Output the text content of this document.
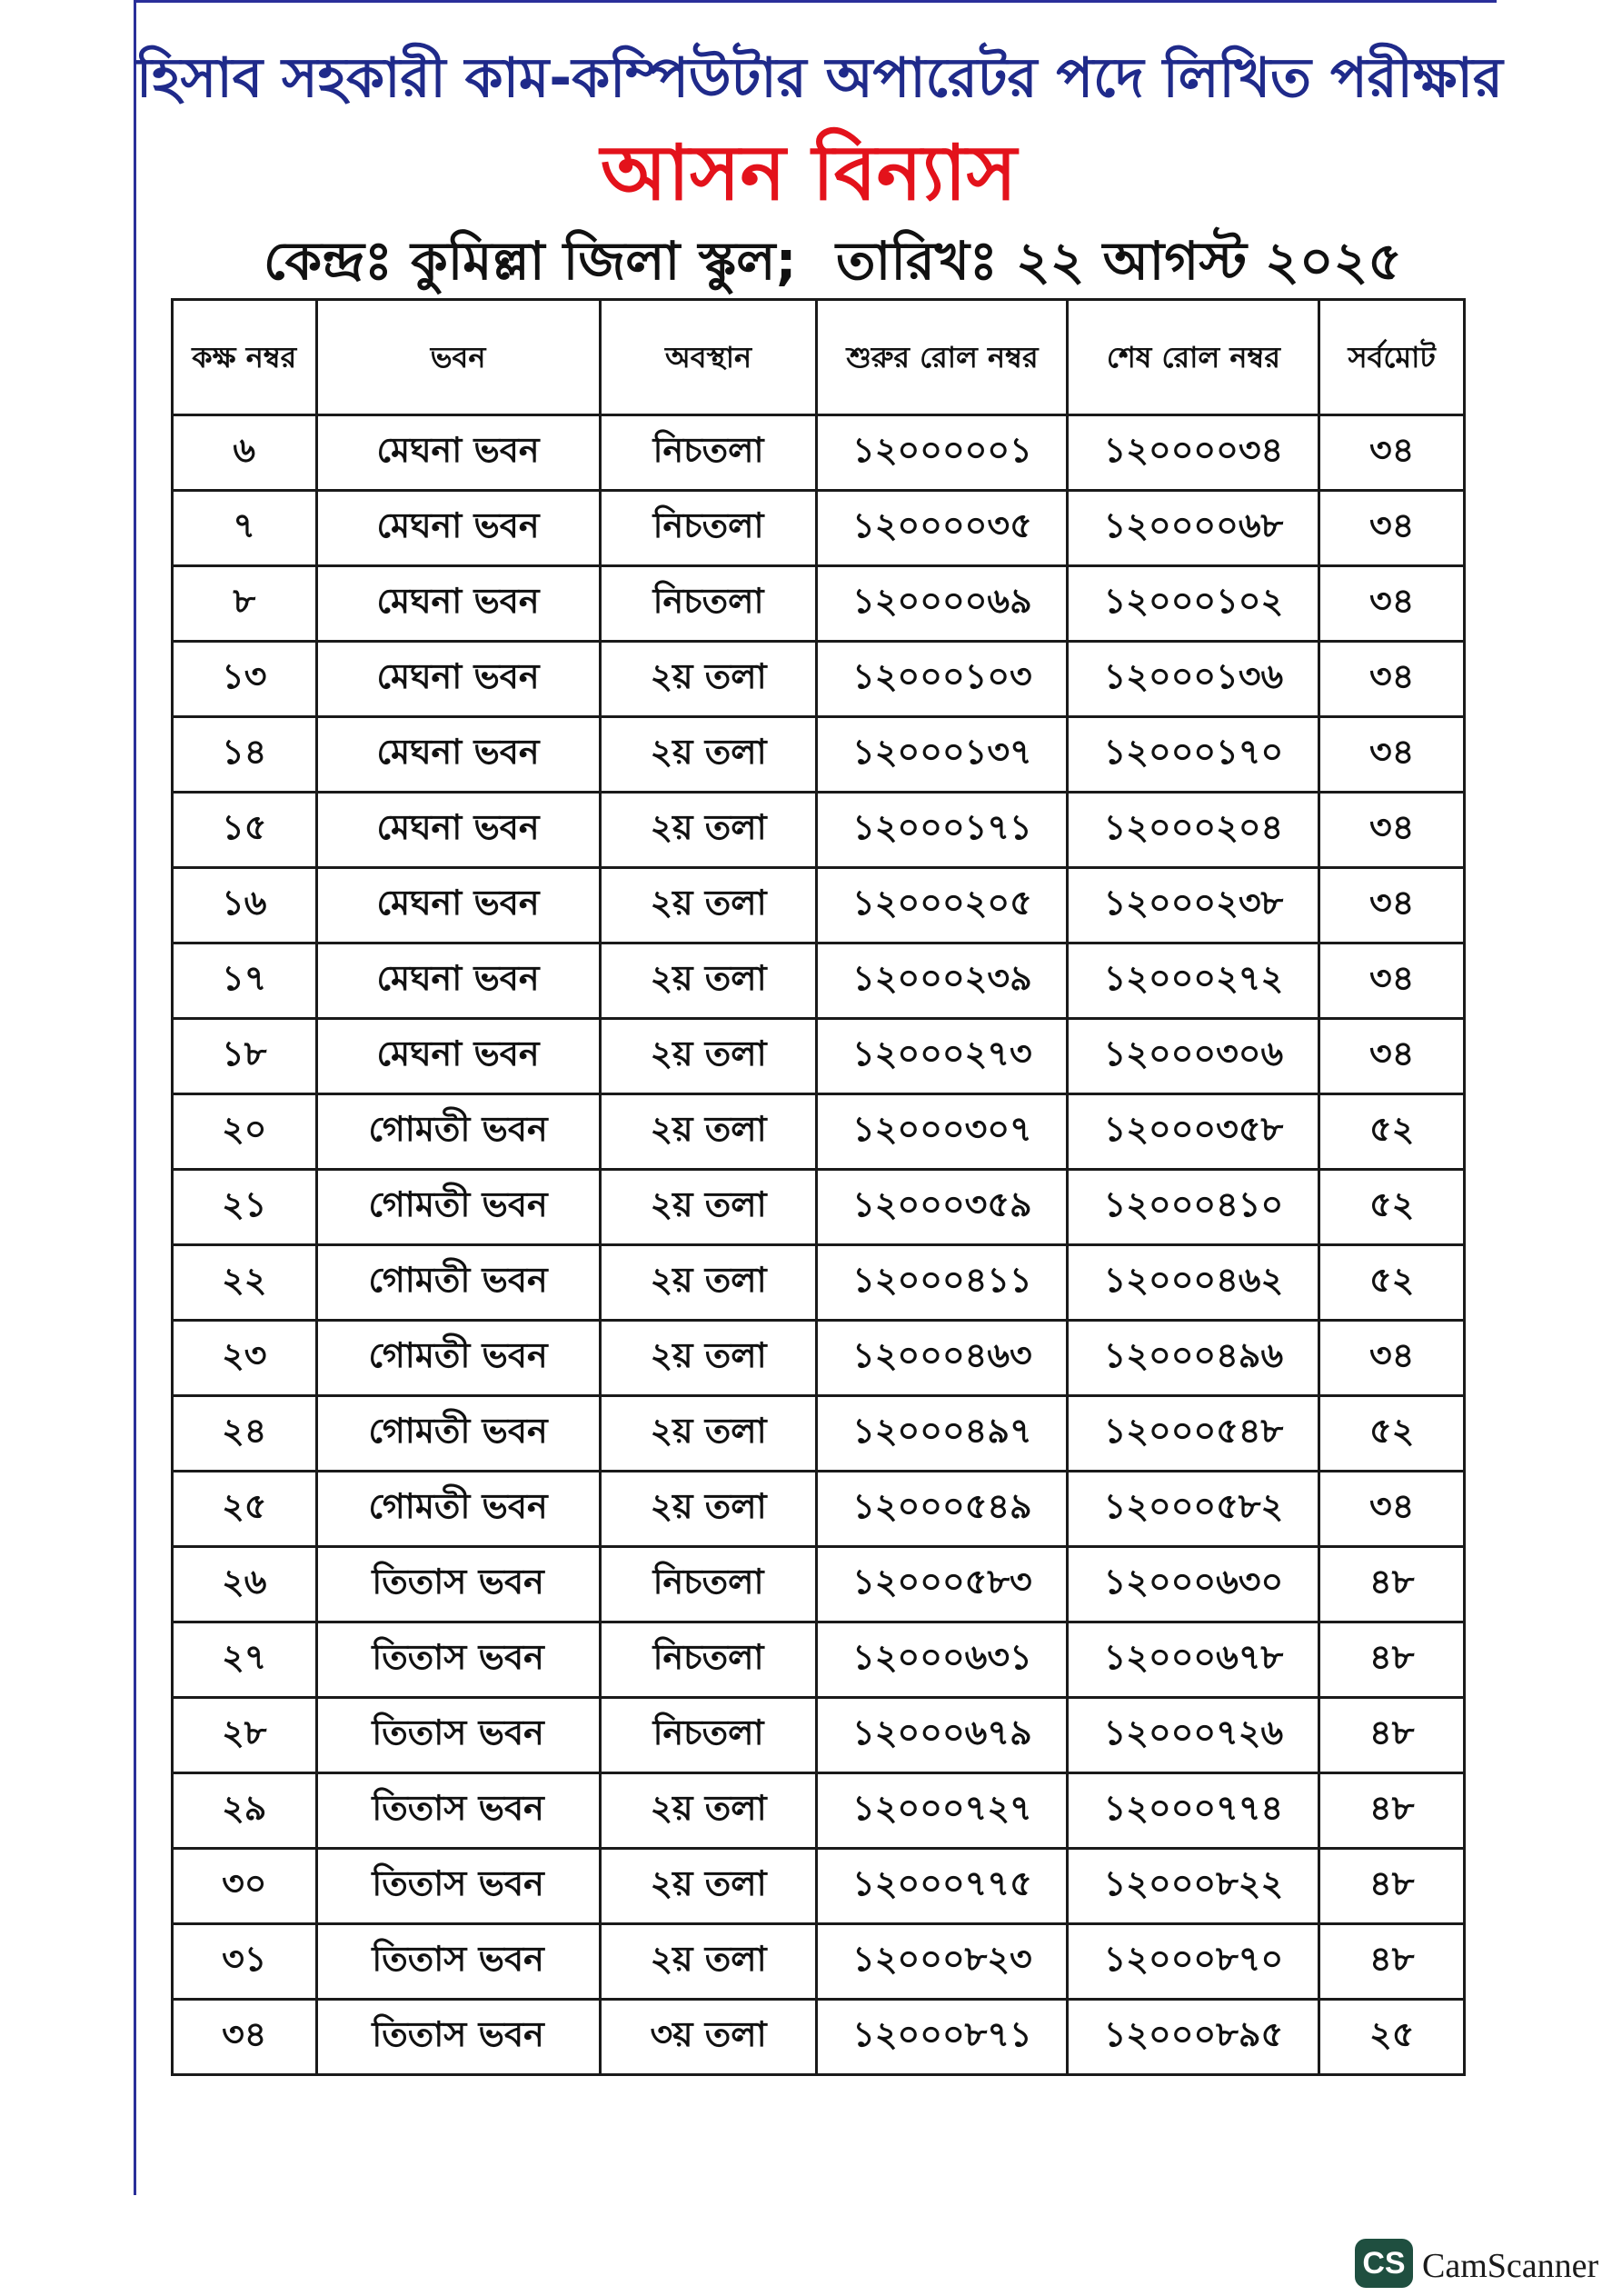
হিসাব সহকারী কাম-কম্পিউটার অপারেটর পদে লিখিত পরীক্ষার
আসন বিন্যাস
কেন্দ্রঃ কুমিল্লা জিলা স্কুল; তারিখঃ ২২ আগস্ট ২০২৫
কক্ষ নম্বর	ভবন	অবস্থান	শুরুর রোল নম্বর	শেষ রোল নম্বর	সর্বমোট
৬	মেঘনা ভবন	নিচতলা	১২০০০০০১	১২০০০০৩৪	৩৪
৭	মেঘনা ভবন	নিচতলা	১২০০০০৩৫	১২০০০০৬৮	৩৪
৮	মেঘনা ভবন	নিচতলা	১২০০০০৬৯	১২০০০১০২	৩৪
১৩	মেঘনা ভবন	২য় তলা	১২০০০১০৩	১২০০০১৩৬	৩৪
১৪	মেঘনা ভবন	২য় তলা	১২০০০১৩৭	১২০০০১৭০	৩৪
১৫	মেঘনা ভবন	২য় তলা	১২০০০১৭১	১২০০০২০৪	৩৪
১৬	মেঘনা ভবন	২য় তলা	১২০০০২০৫	১২০০০২৩৮	৩৪
১৭	মেঘনা ভবন	২য় তলা	১২০০০২৩৯	১২০০০২৭২	৩৪
১৮	মেঘনা ভবন	২য় তলা	১২০০০২৭৩	১২০০০৩০৬	৩৪
২০	গোমতী ভবন	২য় তলা	১২০০০৩০৭	১২০০০৩৫৮	৫২
২১	গোমতী ভবন	২য় তলা	১২০০০৩৫৯	১২০০০৪১০	৫২
২২	গোমতী ভবন	২য় তলা	১২০০০৪১১	১২০০০৪৬২	৫২
২৩	গোমতী ভবন	২য় তলা	১২০০০৪৬৩	১২০০০৪৯৬	৩৪
২৪	গোমতী ভবন	২য় তলা	১২০০০৪৯৭	১২০০০৫৪৮	৫২
২৫	গোমতী ভবন	২য় তলা	১২০০০৫৪৯	১২০০০৫৮২	৩৪
২৬	তিতাস ভবন	নিচতলা	১২০০০৫৮৩	১২০০০৬৩০	৪৮
২৭	তিতাস ভবন	নিচতলা	১২০০০৬৩১	১২০০০৬৭৮	৪৮
২৮	তিতাস ভবন	নিচতলা	১২০০০৬৭৯	১২০০০৭২৬	৪৮
২৯	তিতাস ভবন	২য় তলা	১২০০০৭২৭	১২০০০৭৭৪	৪৮
৩০	তিতাস ভবন	২য় তলা	১২০০০৭৭৫	১২০০০৮২২	৪৮
৩১	তিতাস ভবন	২য় তলা	১২০০০৮২৩	১২০০০৮৭০	৪৮
৩৪	তিতাস ভবন	৩য় তলা	১২০০০৮৭১	১২০০০৮৯৫	২৫
CS CamScanner
